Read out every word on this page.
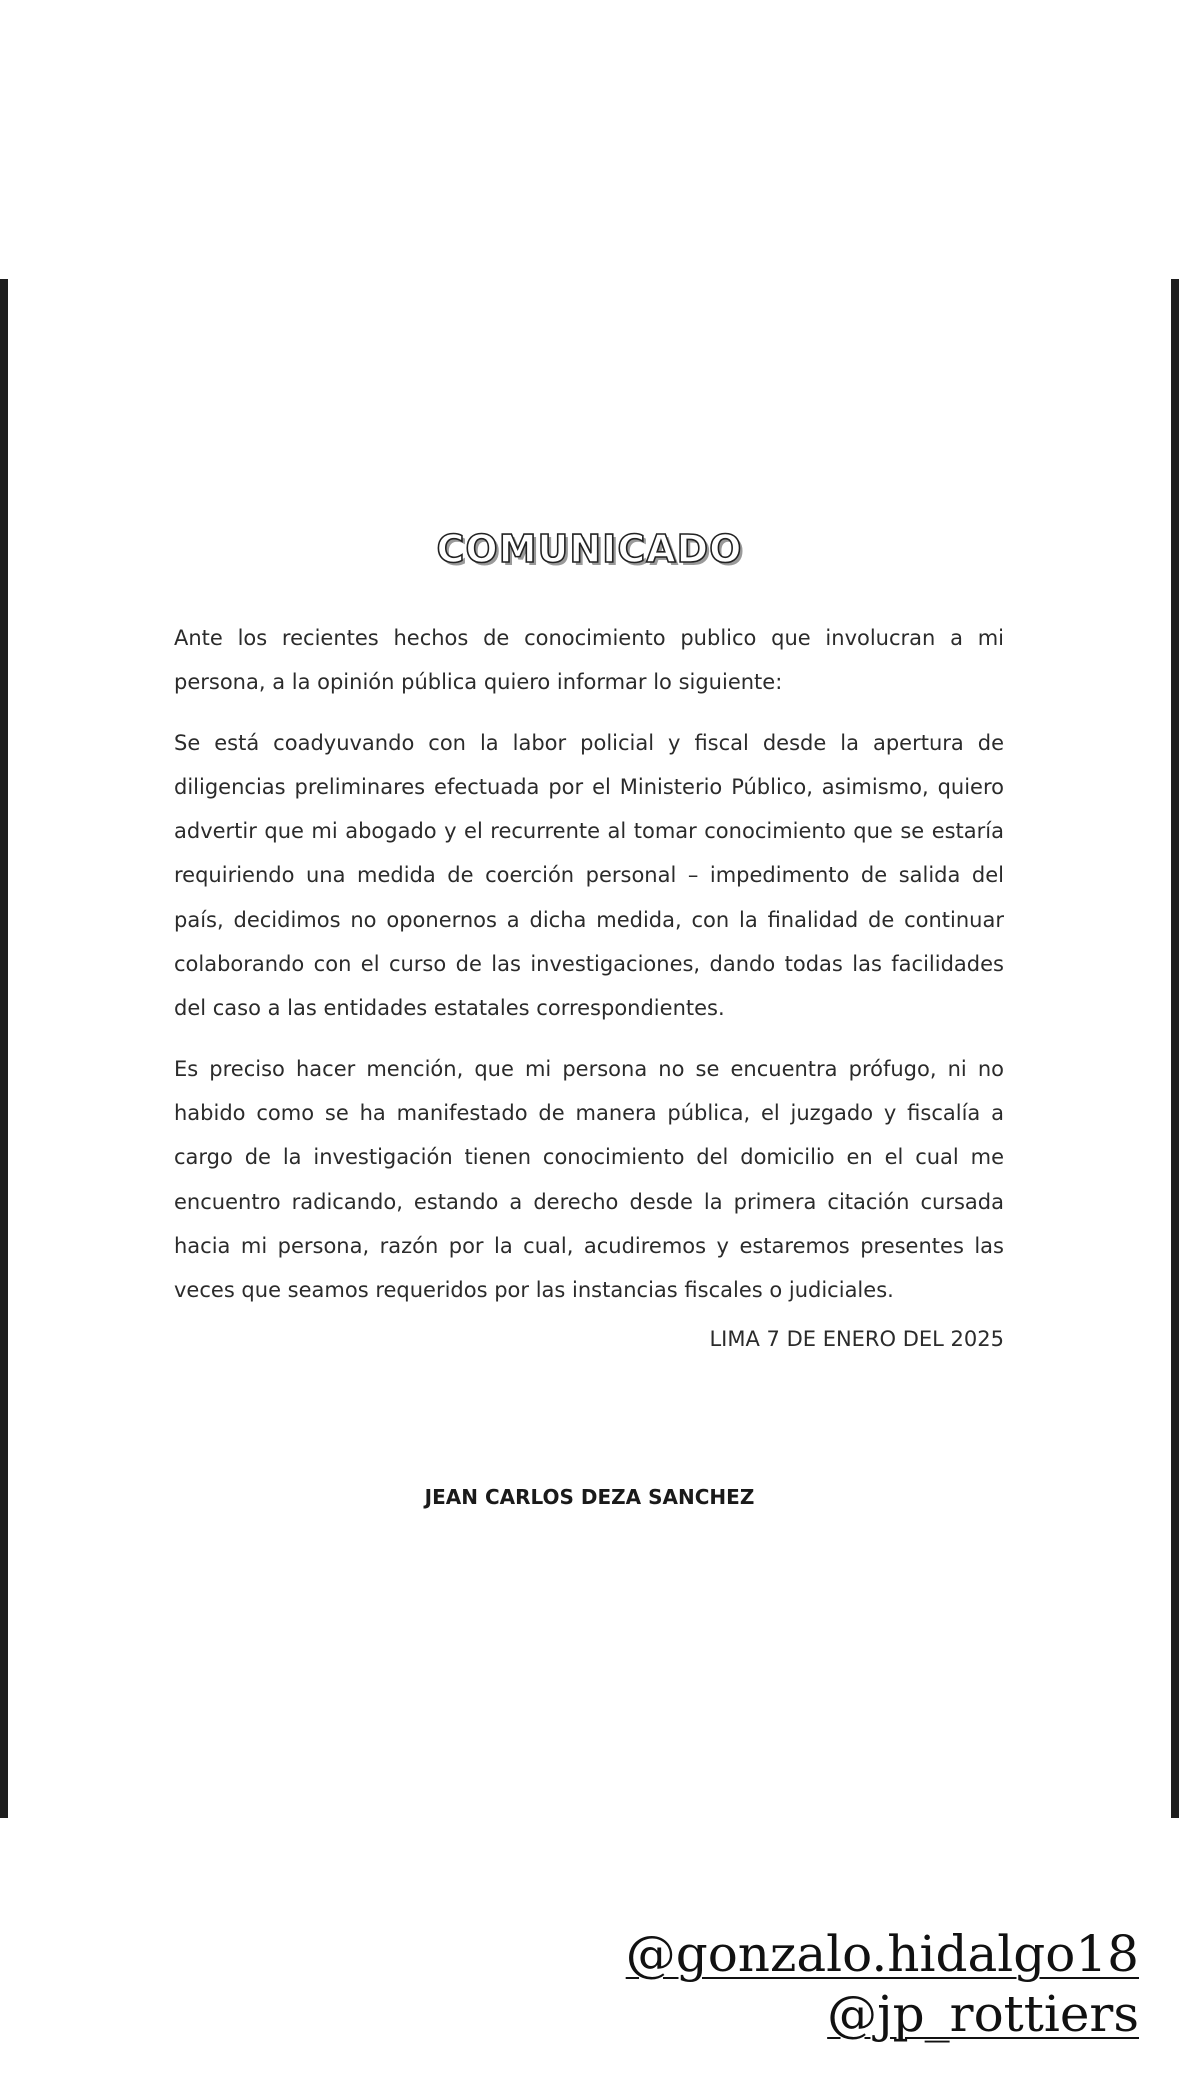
COMUNICADO

Ante los recientes hechos de conocimiento publico que involucran a mi persona, a la opinión pública quiero informar lo siguiente:

Se está coadyuvando con la labor policial y fiscal desde la apertura de diligencias preliminares efectuada por el Ministerio Público, asimismo, quiero advertir que mi abogado y el recurrente al tomar conocimiento que se estaría requiriendo una medida de coerción personal – impedimento de salida del país, decidimos no oponernos a dicha medida, con la finalidad de continuar colaborando con el curso de las investigaciones, dando todas las facilidades del caso a las entidades estatales correspondientes.

Es preciso hacer mención, que mi persona no se encuentra prófugo, ni no habido como se ha manifestado de manera pública, el juzgado y fiscalía a cargo de la investigación tienen conocimiento del domicilio en el cual me encuentro radicando, estando a derecho desde la primera citación cursada hacia mi persona, razón por la cual, acudiremos y estaremos presentes las veces que seamos requeridos por las instancias fiscales o judiciales.

LIMA 7 DE ENERO DEL 2025
JEAN CARLOS DEZA SANCHEZ
@gonzalo.hidalgo18
@jp_rottiers
